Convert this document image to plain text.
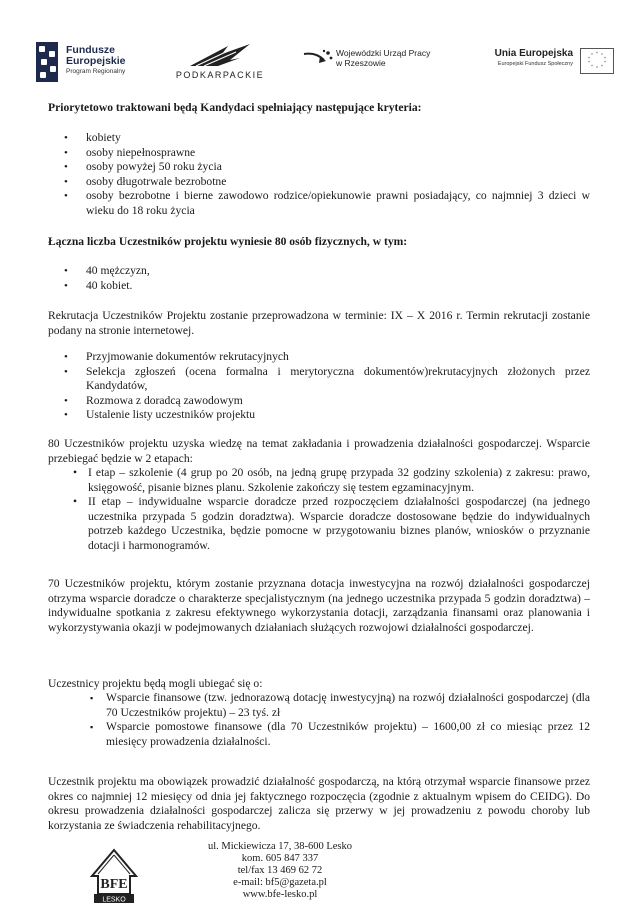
Fundusze
Europejskie
Program Regionalny	PODKARPACKIE
Wojewódzki Urząd Pracy
w Rzeszowie
Unia Europejska
Europejski Fundusz Społeczny
* *
*
*
*
*
*
*
*
*
Priorytetowo traktowani będą Kandydaci spełniający następujące kryteria:
• kobiety
• osoby niepełnosprawne
• osoby powyżej 50 roku życia
• osoby długotrwale bezrobotne
• osoby bezrobotne i bierne zawodowo rodzice/opiekunowie prawni posiadający, co najmniej 3 dzieci w wieku do 18 roku życia
Łączna liczba Uczestników projektu wyniesie 80 osób fizycznych, w tym:
• 40 mężczyzn,
• 40 kobiet.
Rekrutacja Uczestników Projektu zostanie przeprowadzona w terminie: IX – X 2016 r. Termin rekrutacji zostanie podany na stronie internetowej.
• Przyjmowanie dokumentów rekrutacyjnych
• Selekcja zgłoszeń (ocena formalna i merytoryczna dokumentów)rekrutacyjnych złożonych przez Kandydatów,
• Rozmowa z doradcą zawodowym
• Ustalenie listy uczestników projektu
80 Uczestników projektu uzyska wiedzę na temat zakładania i prowadzenia działalności gospodarczej. Wsparcie przebiegać będzie w 2 etapach:
• I etap – szkolenie (4 grup po 20 osób, na jedną grupę przypada 32 godziny szkolenia) z zakresu: prawo, księgowość, pisanie biznes planu. Szkolenie zakończy się testem egzaminacyjnym.
• II etap – indywidualne wsparcie doradcze przed rozpoczęciem działalności gospodarczej (na jednego uczestnika przypada 5 godzin doradztwa). Wsparcie doradcze dostosowane będzie do indywidualnych potrzeb każdego Uczestnika, będzie pomocne w przygotowaniu biznes planów, wniosków o przyznanie dotacji i harmonogramów.
70 Uczestników projektu, którym zostanie przyznana dotacja inwestycyjna na rozwój działalności gospodarczej otrzyma wsparcie doradcze o charakterze specjalistycznym (na jednego uczestnika przypada 5 godzin doradztwa) – indywidualne spotkania z zakresu efektywnego wykorzystania dotacji, zarządzania finansami oraz planowania i wykorzystywania okazji w podejmowanych działaniach służących rozwojowi działalności gospodarczej.
Uczestnicy projektu będą mogli ubiegać się o:
▪ Wsparcie finansowe (tzw. jednorazową dotację inwestycyjną) na rozwój działalności gospodarczej (dla 70 Uczestników projektu) – 23 tyś. zł
▪ Wsparcie pomostowe finansowe (dla 70 Uczestników projektu) – 1600,00 zł co miesiąc przez 12 miesięcy prowadzenia działalności.
Uczestnik projektu ma obowiązek prowadzić działalność gospodarczą, na którą otrzymał wsparcie finansowe przez okres co najmniej 12 miesięcy od dnia jej faktycznego rozpoczęcia (zgodnie z aktualnym wpisem do CEIDG). Do okresu prowadzenia działalności gospodarczej zalicza się przerwy w jej prowadzeniu z powodu choroby lub korzystania ze świadczenia rehabilitacyjnego.
BFE
LESKO
ul. Mickiewicza 17, 38-600 Lesko
kom. 605 847 337
tel/fax 13 469 62 72
e-mail: bf5@gazeta.pl
www.bfe-lesko.pl
